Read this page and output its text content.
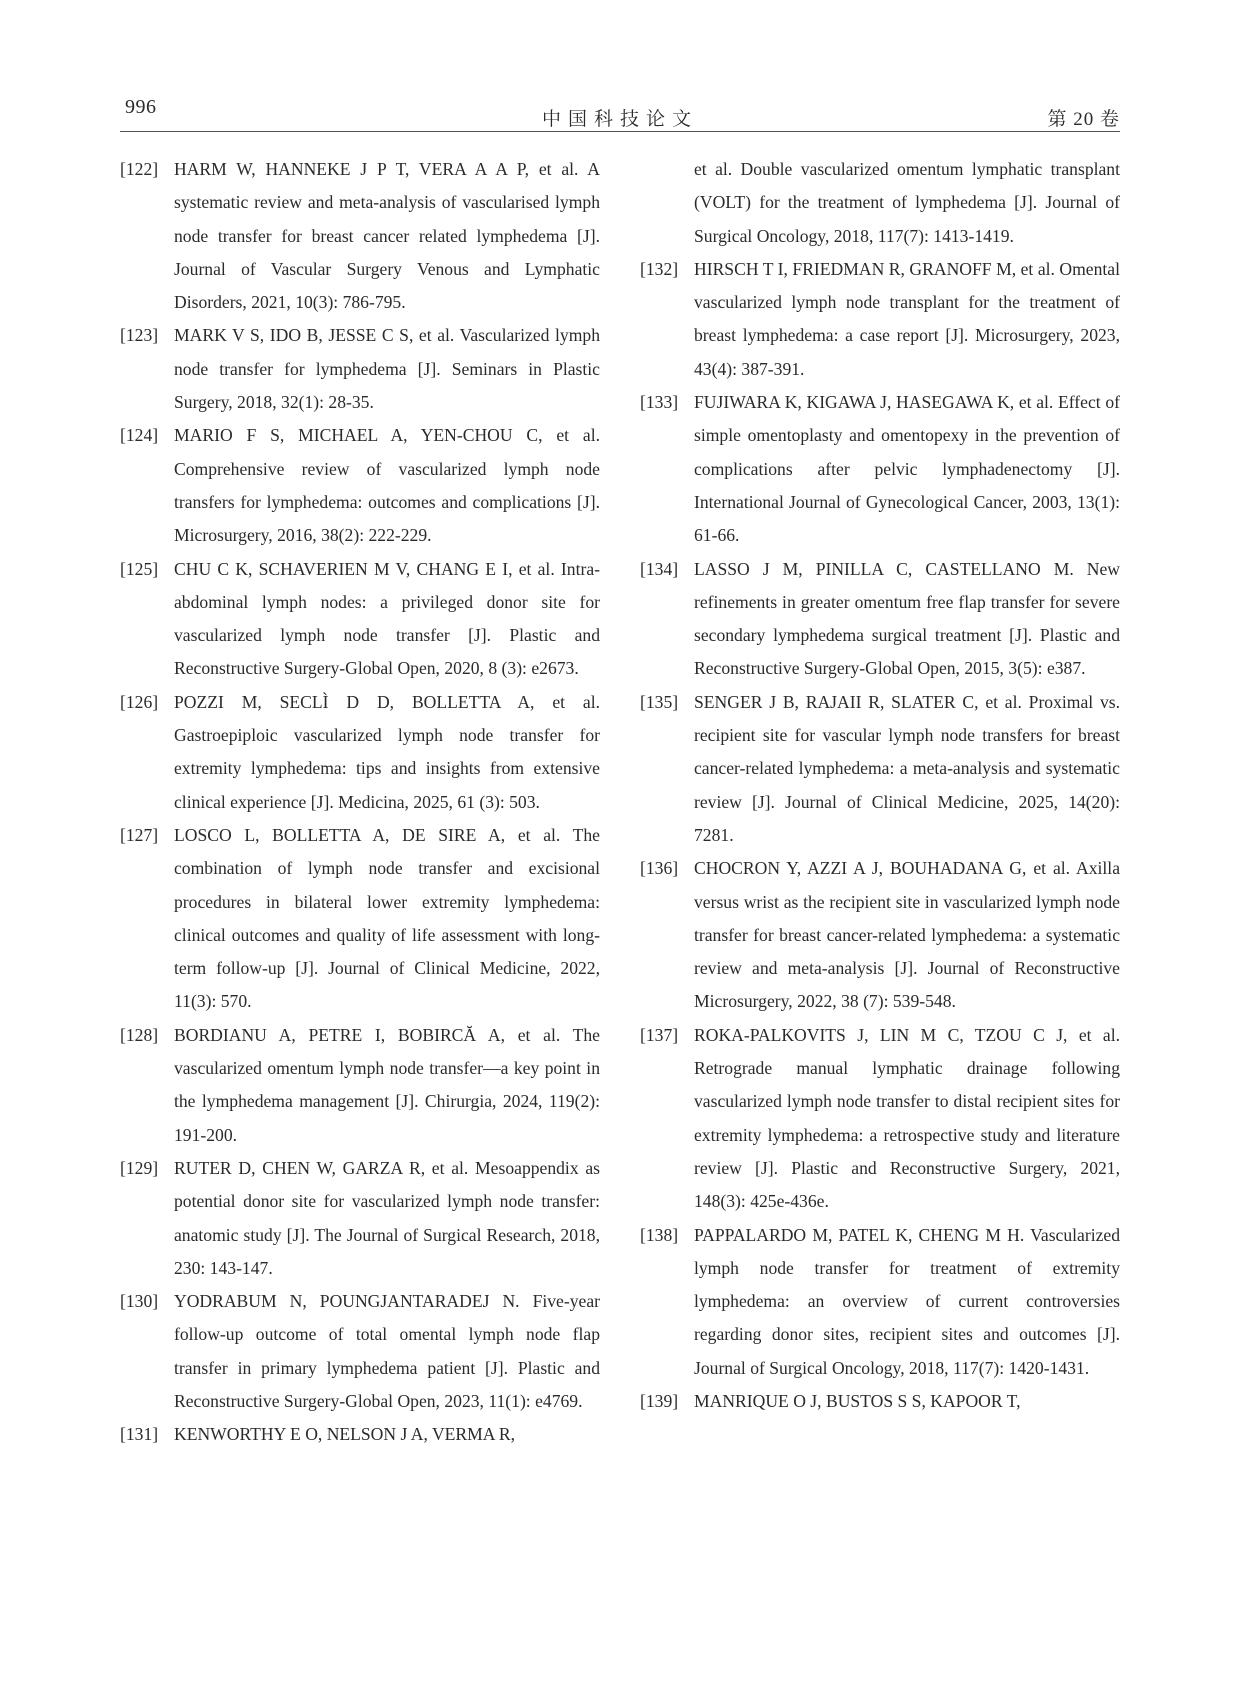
996
中国科技论文	第 20 卷
[122] HARM W, HANNEKE J P T, VERA A A P, et al. A systematic review and meta-analysis of vascularised lymph node transfer for breast cancer related lymphedema [J]. Journal of Vascular Surgery Venous and Lymphatic Disorders, 2021, 10(3): 786-795.
[123] MARK V S, IDO B, JESSE C S, et al. Vascularized lymph node transfer for lymphedema [J]. Seminars in Plastic Surgery, 2018, 32(1): 28-35.
[124] MARIO F S, MICHAEL A, YEN-CHOU C, et al. Comprehensive review of vascularized lymph node transfers for lymphedema: outcomes and complications [J]. Microsurgery, 2016, 38(2): 222-229.
[125] CHU C K, SCHAVERIEN M V, CHANG E I, et al. Intra-abdominal lymph nodes: a privileged donor site for vascularized lymph node transfer [J]. Plastic and Reconstructive Surgery-Global Open, 2020, 8 (3): e2673.
[126] POZZI M, SECLÌ D D, BOLLETTA A, et al. Gastroepiploic vascularized lymph node transfer for extremity lymphedema: tips and insights from extensive clinical experience [J]. Medicina, 2025, 61 (3): 503.
[127] LOSCO L, BOLLETTA A, DE SIRE A, et al. The combination of lymph node transfer and excisional procedures in bilateral lower extremity lymphedema: clinical outcomes and quality of life assessment with long-term follow-up [J]. Journal of Clinical Medicine, 2022, 11(3): 570.
[128] BORDIANU A, PETRE I, BOBIRCĂ A, et al. The vascularized omentum lymph node transfer—a key point in the lymphedema management [J]. Chirurgia, 2024, 119(2): 191-200.
[129] RUTER D, CHEN W, GARZA R, et al. Mesoappendix as potential donor site for vascularized lymph node transfer: anatomic study [J]. The Journal of Surgical Research, 2018, 230: 143-147.
[130] YODRABUM N, POUNGJANTARADEJ N. Five-year follow-up outcome of total omental lymph node flap transfer in primary lymphedema patient [J]. Plastic and Reconstructive Surgery-Global Open, 2023, 11(1): e4769.
[131] KENWORTHY E O, NELSON J A, VERMA R,
et al. Double vascularized omentum lymphatic transplant (VOLT) for the treatment of lymphedema [J]. Journal of Surgical Oncology, 2018, 117(7): 1413-1419.
[132] HIRSCH T I, FRIEDMAN R, GRANOFF M, et al. Omental vascularized lymph node transplant for the treatment of breast lymphedema: a case report [J]. Microsurgery, 2023, 43(4): 387-391.
[133] FUJIWARA K, KIGAWA J, HASEGAWA K, et al. Effect of simple omentoplasty and omentopexy in the prevention of complications after pelvic lymphadenectomy [J]. International Journal of Gynecological Cancer, 2003, 13(1): 61-66.
[134] LASSO J M, PINILLA C, CASTELLANO M. New refinements in greater omentum free flap transfer for severe secondary lymphedema surgical treatment [J]. Plastic and Reconstructive Surgery-Global Open, 2015, 3(5): e387.
[135] SENGER J B, RAJAII R, SLATER C, et al. Proximal vs. recipient site for vascular lymph node transfers for breast cancer-related lymphedema: a meta-analysis and systematic review [J]. Journal of Clinical Medicine, 2025, 14(20): 7281.
[136] CHOCRON Y, AZZI A J, BOUHADANA G, et al. Axilla versus wrist as the recipient site in vascularized lymph node transfer for breast cancer-related lymphedema: a systematic review and meta-analysis [J]. Journal of Reconstructive Microsurgery, 2022, 38 (7): 539-548.
[137] ROKA-PALKOVITS J, LIN M C, TZOU C J, et al. Retrograde manual lymphatic drainage following vascularized lymph node transfer to distal recipient sites for extremity lymphedema: a retrospective study and literature review [J]. Plastic and Reconstructive Surgery, 2021, 148(3): 425e-436e.
[138] PAPPALARDO M, PATEL K, CHENG M H. Vascularized lymph node transfer for treatment of extremity lymphedema: an overview of current controversies regarding donor sites, recipient sites and outcomes [J]. Journal of Surgical Oncology, 2018, 117(7): 1420-1431.
[139] MANRIQUE O J, BUSTOS S S, KAPOOR T,
